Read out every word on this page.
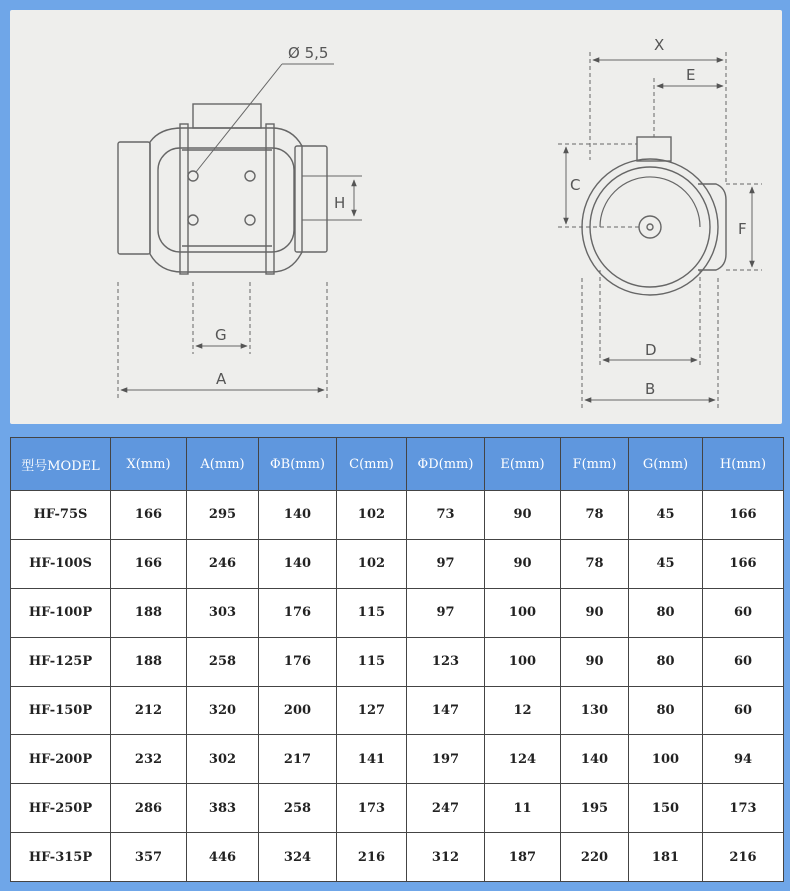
Ø 5,5
H
G
A
X
E
C
F
D
B
型号MODEL	X(mm)	A(mm)	ΦB(mm)	C(mm)	ΦD(mm)	E(mm)	F(mm)	G(mm)	H(mm)
HF-75S	166	295	140	102	73	90	78	45	166
HF-100S	166	246	140	102	97	90	78	45	166
HF-100P	188	303	176	115	97	100	90	80	60
HF-125P	188	258	176	115	123	100	90	80	60
HF-150P	212	320	200	127	147	12	130	80	60
HF-200P	232	302	217	141	197	124	140	100	94
HF-250P	286	383	258	173	247	11	195	150	173
HF-315P	357	446	324	216	312	187	220	181	216
